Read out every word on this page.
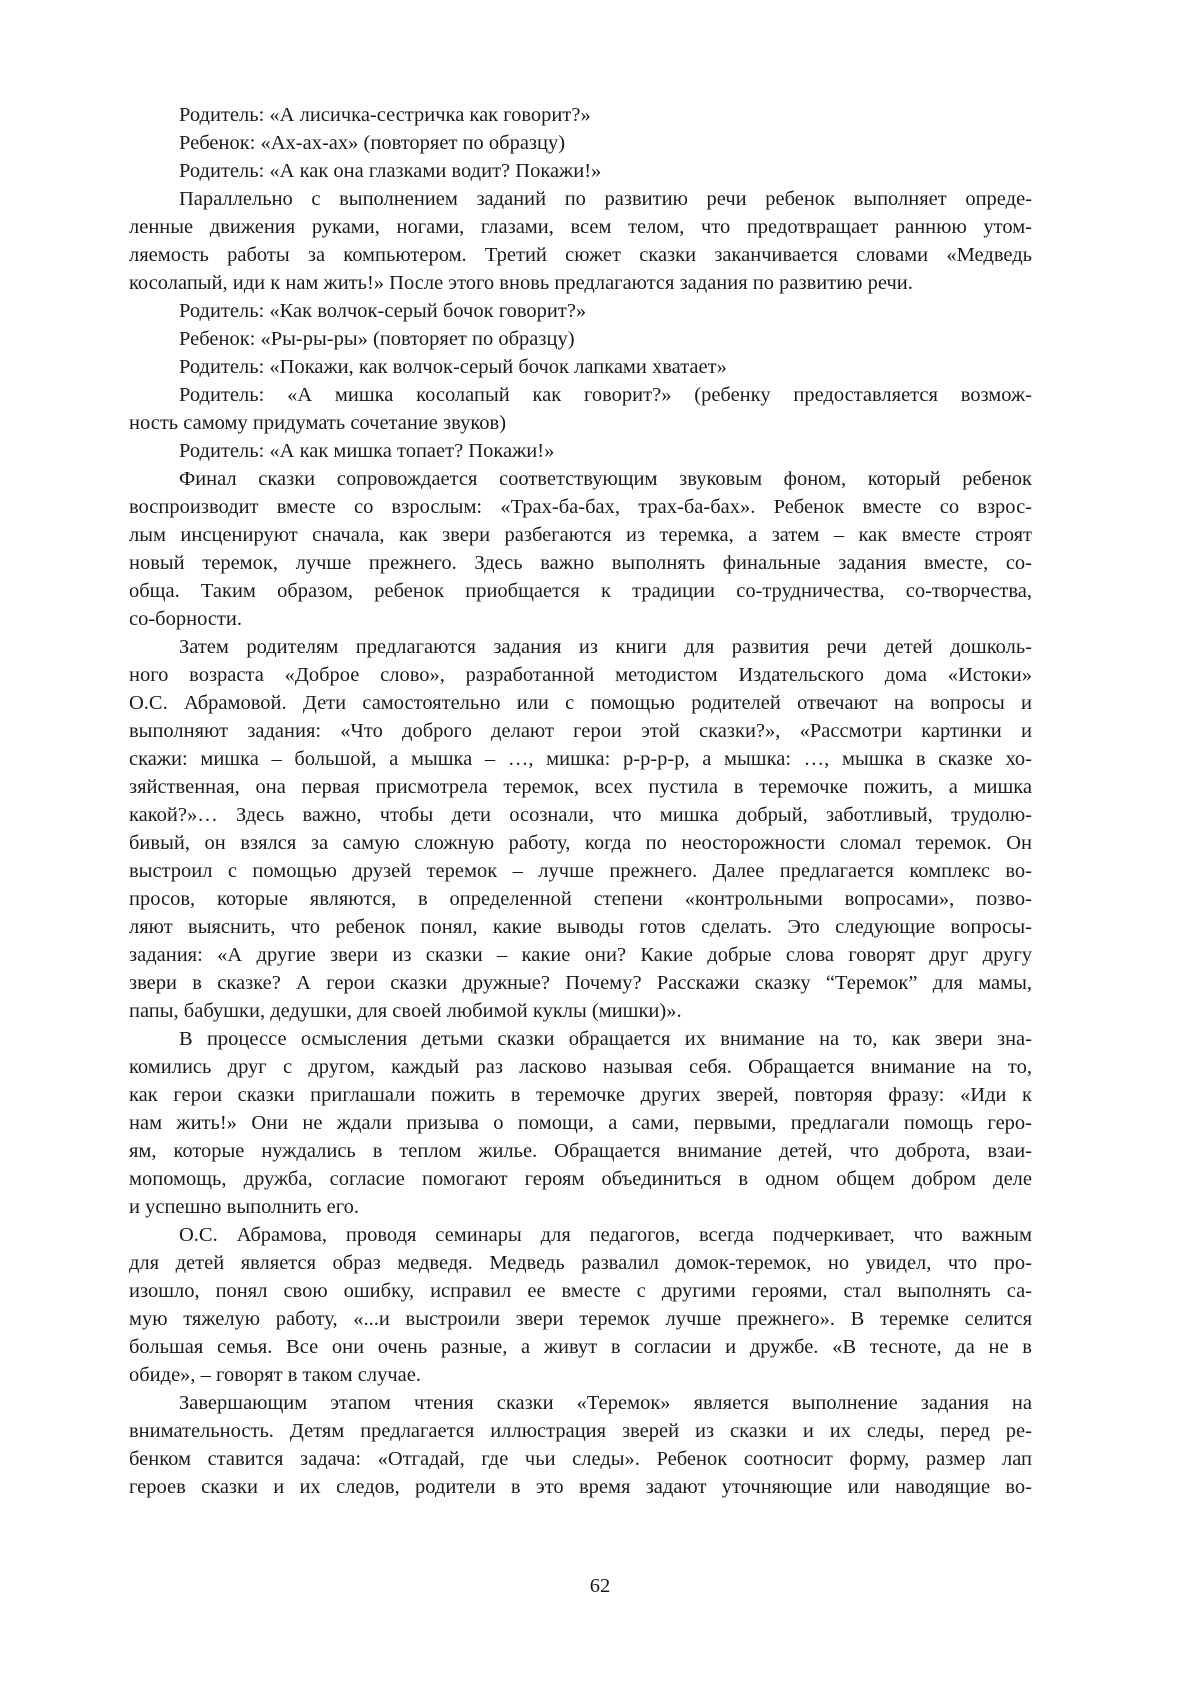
Родитель: «А лисичка-сестричка как говорит?»
Ребенок: «Ах-ах-ах» (повторяет по образцу)
Родитель: «А как она глазками водит? Покажи!»
Параллельно с выполнением заданий по развитию речи ребенок выполняет опреде-
ленные движения руками, ногами, глазами, всем телом, что предотвращает раннюю утом-
ляемость работы за компьютером. Третий сюжет сказки заканчивается словами «Медведь
косолапый, иди к нам жить!» После этого вновь предлагаются задания по развитию речи.
Родитель: «Как волчок-серый бочок говорит?»
Ребенок: «Ры-ры-ры» (повторяет по образцу)
Родитель: «Покажи, как волчок-серый бочок лапками хватает»
Родитель: «А мишка косолапый как говорит?» (ребенку предоставляется возмож-
ность самому придумать сочетание звуков)
Родитель: «А как мишка топает? Покажи!»
Финал сказки сопровождается соответствующим звуковым фоном, который ребенок
воспроизводит вместе со взрослым: «Трах-ба-бах, трах-ба-бах». Ребенок вместе со взрос-
лым инсценируют сначала, как звери разбегаются из теремка, а затем – как вместе строят
новый теремок, лучше прежнего. Здесь важно выполнять финальные задания вместе, со-
обща. Таким образом, ребенок приобщается к традиции со-трудничества, со-творчества,
со-борности.
Затем родителям предлагаются задания из книги для развития речи детей дошколь-
ного возраста «Доброе слово», разработанной методистом Издательского дома «Истоки»
О.С. Абрамовой. Дети самостоятельно или с помощью родителей отвечают на вопросы и
выполняют задания: «Что доброго делают герои этой сказки?», «Рассмотри картинки и
скажи: мишка – большой, а мышка – …, мишка: р-р-р-р, а мышка: …, мышка в сказке хо-
зяйственная, она первая присмотрела теремок, всех пустила в теремочке пожить, а мишка
какой?»… Здесь важно, чтобы дети осознали, что мишка добрый, заботливый, трудолю-
бивый, он взялся за самую сложную работу, когда по неосторожности сломал теремок. Он
выстроил с помощью друзей теремок – лучше прежнего. Далее предлагается комплекс во-
просов, которые являются, в определенной степени «контрольными вопросами», позво-
ляют выяснить, что ребенок понял, какие выводы готов сделать. Это следующие вопросы-
задания: «А другие звери из сказки – какие они? Какие добрые слова говорят друг другу
звери в сказке? А герои сказки дружные? Почему? Расскажи сказку “Теремок” для мамы,
папы, бабушки, дедушки, для своей любимой куклы (мишки)».
В процессе осмысления детьми сказки обращается их внимание на то, как звери зна-
комились друг с другом, каждый раз ласково называя себя. Обращается внимание на то,
как герои сказки приглашали пожить в теремочке других зверей, повторяя фразу: «Иди к
нам жить!» Они не ждали призыва о помощи, а сами, первыми, предлагали помощь геро-
ям, которые нуждались в теплом жилье. Обращается внимание детей, что доброта, взаи-
мопомощь, дружба, согласие помогают героям объединиться в одном общем добром деле
и успешно выполнить его.
О.С. Абрамова, проводя семинары для педагогов, всегда подчеркивает, что важным
для детей является образ медведя. Медведь развалил домок-теремок, но увидел, что про-
изошло, понял свою ошибку, исправил ее вместе с другими героями, стал выполнять са-
мую тяжелую работу, «...и выстроили звери теремок лучше прежнего». В теремке селится
большая семья. Все они очень разные, а живут в согласии и дружбе. «В тесноте, да не в
обиде», – говорят в таком случае.
Завершающим этапом чтения сказки «Теремок» является выполнение задания на
внимательность. Детям предлагается иллюстрация зверей из сказки и их следы, перед ре-
бенком ставится задача: «Отгадай, где чьи следы». Ребенок соотносит форму, размер лап
героев сказки и их следов, родители в это время задают уточняющие или наводящие во-
62
